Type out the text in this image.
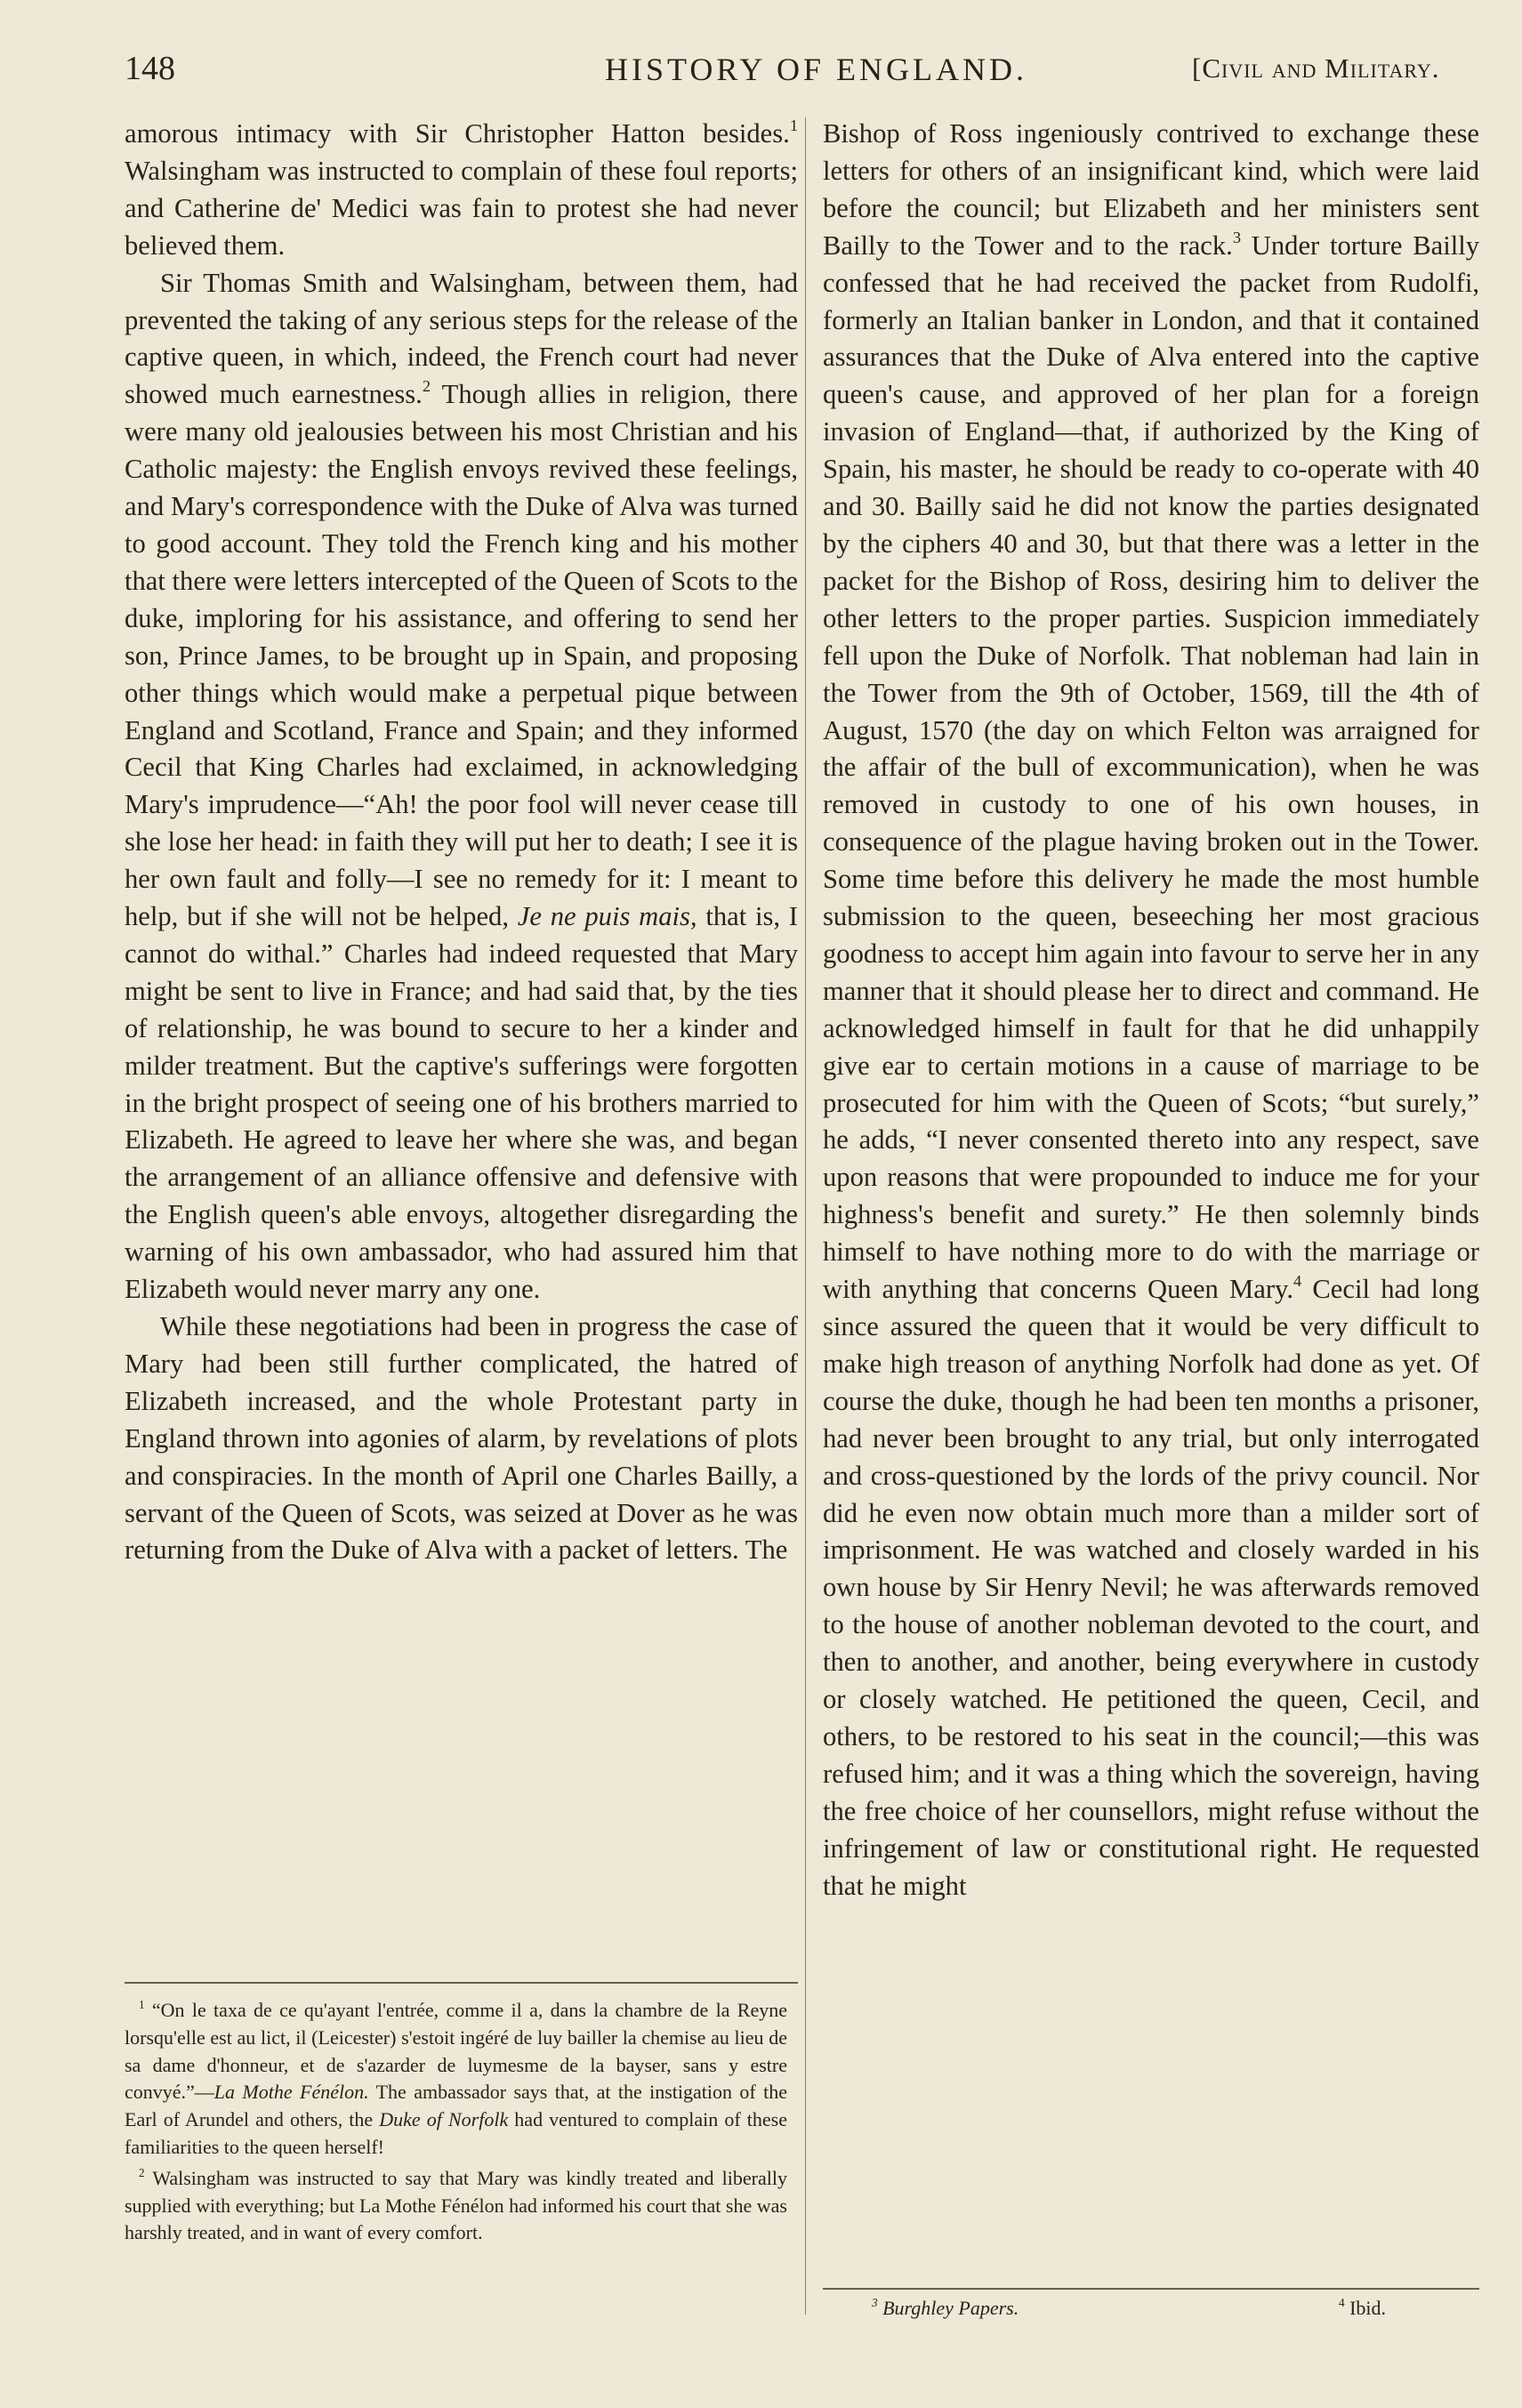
148	HISTORY OF ENGLAND.	[Civil and Military.

amorous intimacy with Sir Christopher Hatton besides.$^1$ Walsingham was instructed to complain of these foul reports; and Catherine de' Medici was fain to protest she had never believed them.

Sir Thomas Smith and Walsingham, between them, had prevented the taking of any serious steps for the release of the captive queen, in which, indeed, the French court had never showed much earnestness.$^2$ Though allies in religion, there were many old jealousies between his most Christian and his Catholic majesty: the English envoys revived these feelings, and Mary's correspondence with the Duke of Alva was turned to good account. They told the French king and his mother that there were letters intercepted of the Queen of Scots to the duke, imploring for his assistance, and offering to send her son, Prince James, to be brought up in Spain, and proposing other things which would make a perpetual pique between England and Scotland, France and Spain; and they informed Cecil that King Charles had exclaimed, in acknowledging Mary's imprudence—“Ah! the poor fool will never cease till she lose her head: in faith they will put her to death; I see it is her own fault and folly—I see no remedy for it: I meant to help, but if she will not be helped, Je ne puis mais, that is, I cannot do withal.” Charles had indeed requested that Mary might be sent to live in France; and had said that, by the ties of relationship, he was bound to secure to her a kinder and milder treatment. But the captive's sufferings were forgotten in the bright prospect of seeing one of his brothers married to Elizabeth. He agreed to leave her where she was, and began the arrangement of an alliance offensive and defensive with the English queen's able envoys, altogether disregarding the warning of his own ambassador, who had assured him that Elizabeth would never marry any one.

While these negotiations had been in progress the case of Mary had been still further complicated, the hatred of Elizabeth increased, and the whole Protestant party in England thrown into agonies of alarm, by revelations of plots and conspiracies. In the month of April one Charles Bailly, a servant of the Queen of Scots, was seized at Dover as he was returning from the Duke of Alva with a packet of letters. The

Bishop of Ross ingeniously contrived to exchange these letters for others of an insignificant kind, which were laid before the council; but Elizabeth and her ministers sent Bailly to the Tower and to the rack.$^3$ Under torture Bailly confessed that he had received the packet from Rudolfi, formerly an Italian banker in London, and that it contained assurances that the Duke of Alva entered into the captive queen's cause, and approved of her plan for a foreign invasion of England—that, if authorized by the King of Spain, his master, he should be ready to co-operate with 40 and 30. Bailly said he did not know the parties designated by the ciphers 40 and 30, but that there was a letter in the packet for the Bishop of Ross, desiring him to deliver the other letters to the proper parties. Suspicion immediately fell upon the Duke of Norfolk. That nobleman had lain in the Tower from the 9th of October, 1569, till the 4th of August, 1570 (the day on which Felton was arraigned for the affair of the bull of excommunication), when he was removed in custody to one of his own houses, in consequence of the plague having broken out in the Tower. Some time before this delivery he made the most humble submission to the queen, beseeching her most gracious goodness to accept him again into favour to serve her in any manner that it should please her to direct and command. He acknowledged himself in fault for that he did unhappily give ear to certain motions in a cause of marriage to be prosecuted for him with the Queen of Scots; “but surely,” he adds, “I never consented thereto into any respect, save upon reasons that were propounded to induce me for your highness's benefit and surety.” He then solemnly binds himself to have nothing more to do with the marriage or with anything that concerns Queen Mary.$^4$ Cecil had long since assured the queen that it would be very difficult to make high treason of anything Norfolk had done as yet. Of course the duke, though he had been ten months a prisoner, had never been brought to any trial, but only interrogated and cross-questioned by the lords of the privy council. Nor did he even now obtain much more than a milder sort of imprisonment. He was watched and closely warded in his own house by Sir Henry Nevil; he was afterwards removed to the house of another nobleman devoted to the court, and then to another, and another, being everywhere in custody or closely watched. He petitioned the queen, Cecil, and others, to be restored to his seat in the council;—this was refused him; and it was a thing which the sovereign, having the free choice of her counsellors, might refuse without the infringement of law or constitutional right. He requested that he might

$^1$ “On le taxa de ce qu'ayant l'entrée, comme il a, dans la chambre de la Reyne lorsqu'elle est au lict, il (Leicester) s'estoit ingéré de luy bailler la chemise au lieu de sa dame d'honneur, et de s'azarder de luymesme de la bayser, sans y estre convyé.”—La Mothe Fénélon. The ambassador says that, at the instigation of the Earl of Arundel and others, the Duke of Norfolk had ventured to complain of these familiarities to the queen herself!

$^2$ Walsingham was instructed to say that Mary was kindly treated and liberally supplied with everything; but La Mothe Fénélon had informed his court that she was harshly treated, and in want of every comfort.

$^3$ Burghley Papers.	$^4$ Ibid.
